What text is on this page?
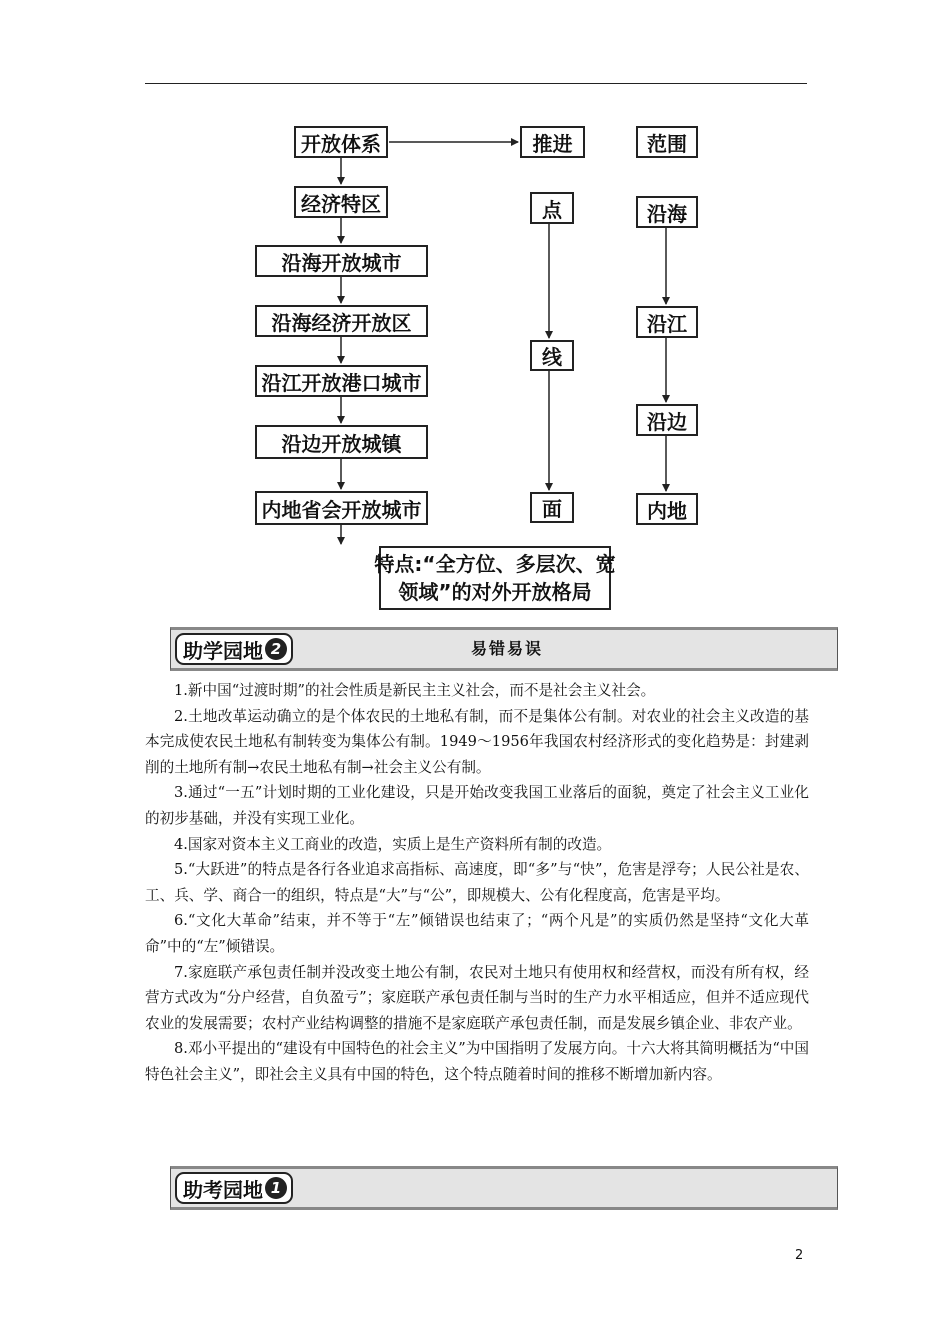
开放体系
经济特区
沿海开放城市
沿海经济开放区
沿江开放港口城市
沿边开放城镇
内地省会开放城市
推进
点
线
面
范围
沿海
沿江
沿边
内地
特点:“全方位、多层次、宽
领域”的对外开放格局
助学园地 2	易错易误

1.新中国“过渡时期”的社会性质是新民主主义社会，而不是社会主义社会。

2.土地改革运动确立的是个体农民的土地私有制，而不是集体公有制。对农业的社会主义改造的基本完成使农民土地私有制转变为集体公有制。1949～1956年我国农村经济形式的变化趋势是：封建剥削的土地所有制→农民土地私有制→社会主义公有制。

3.通过“一五”计划时期的工业化建设，只是开始改变我国工业落后的面貌，奠定了社会主义工业化的初步基础，并没有实现工业化。

4.国家对资本主义工商业的改造，实质上是生产资料所有制的改造。

5.“大跃进”的特点是各行各业追求高指标、高速度，即“多”与“快”，危害是浮夸；人民公社是农、工、兵、学、商合一的组织，特点是“大”与“公”，即规模大、公有化程度高，危害是平均。

6.“文化大革命”结束，并不等于“左”倾错误也结束了；“两个凡是”的实质仍然是坚持“文化大革命”中的“左”倾错误。

7.家庭联产承包责任制并没改变土地公有制，农民对土地只有使用权和经营权，而没有所有权，经营方式改为“分户经营，自负盈亏”；家庭联产承包责任制与当时的生产力水平相适应，但并不适应现代农业的发展需要；农村产业结构调整的措施不是家庭联产承包责任制，而是发展乡镇企业、非农产业。

8.邓小平提出的“建设有中国特色的社会主义”为中国指明了发展方向。十六大将其简明概括为“中国特色社会主义”，即社会主义具有中国的特色，这个特点随着时间的推移不断增加新内容。

助考园地 1
2
